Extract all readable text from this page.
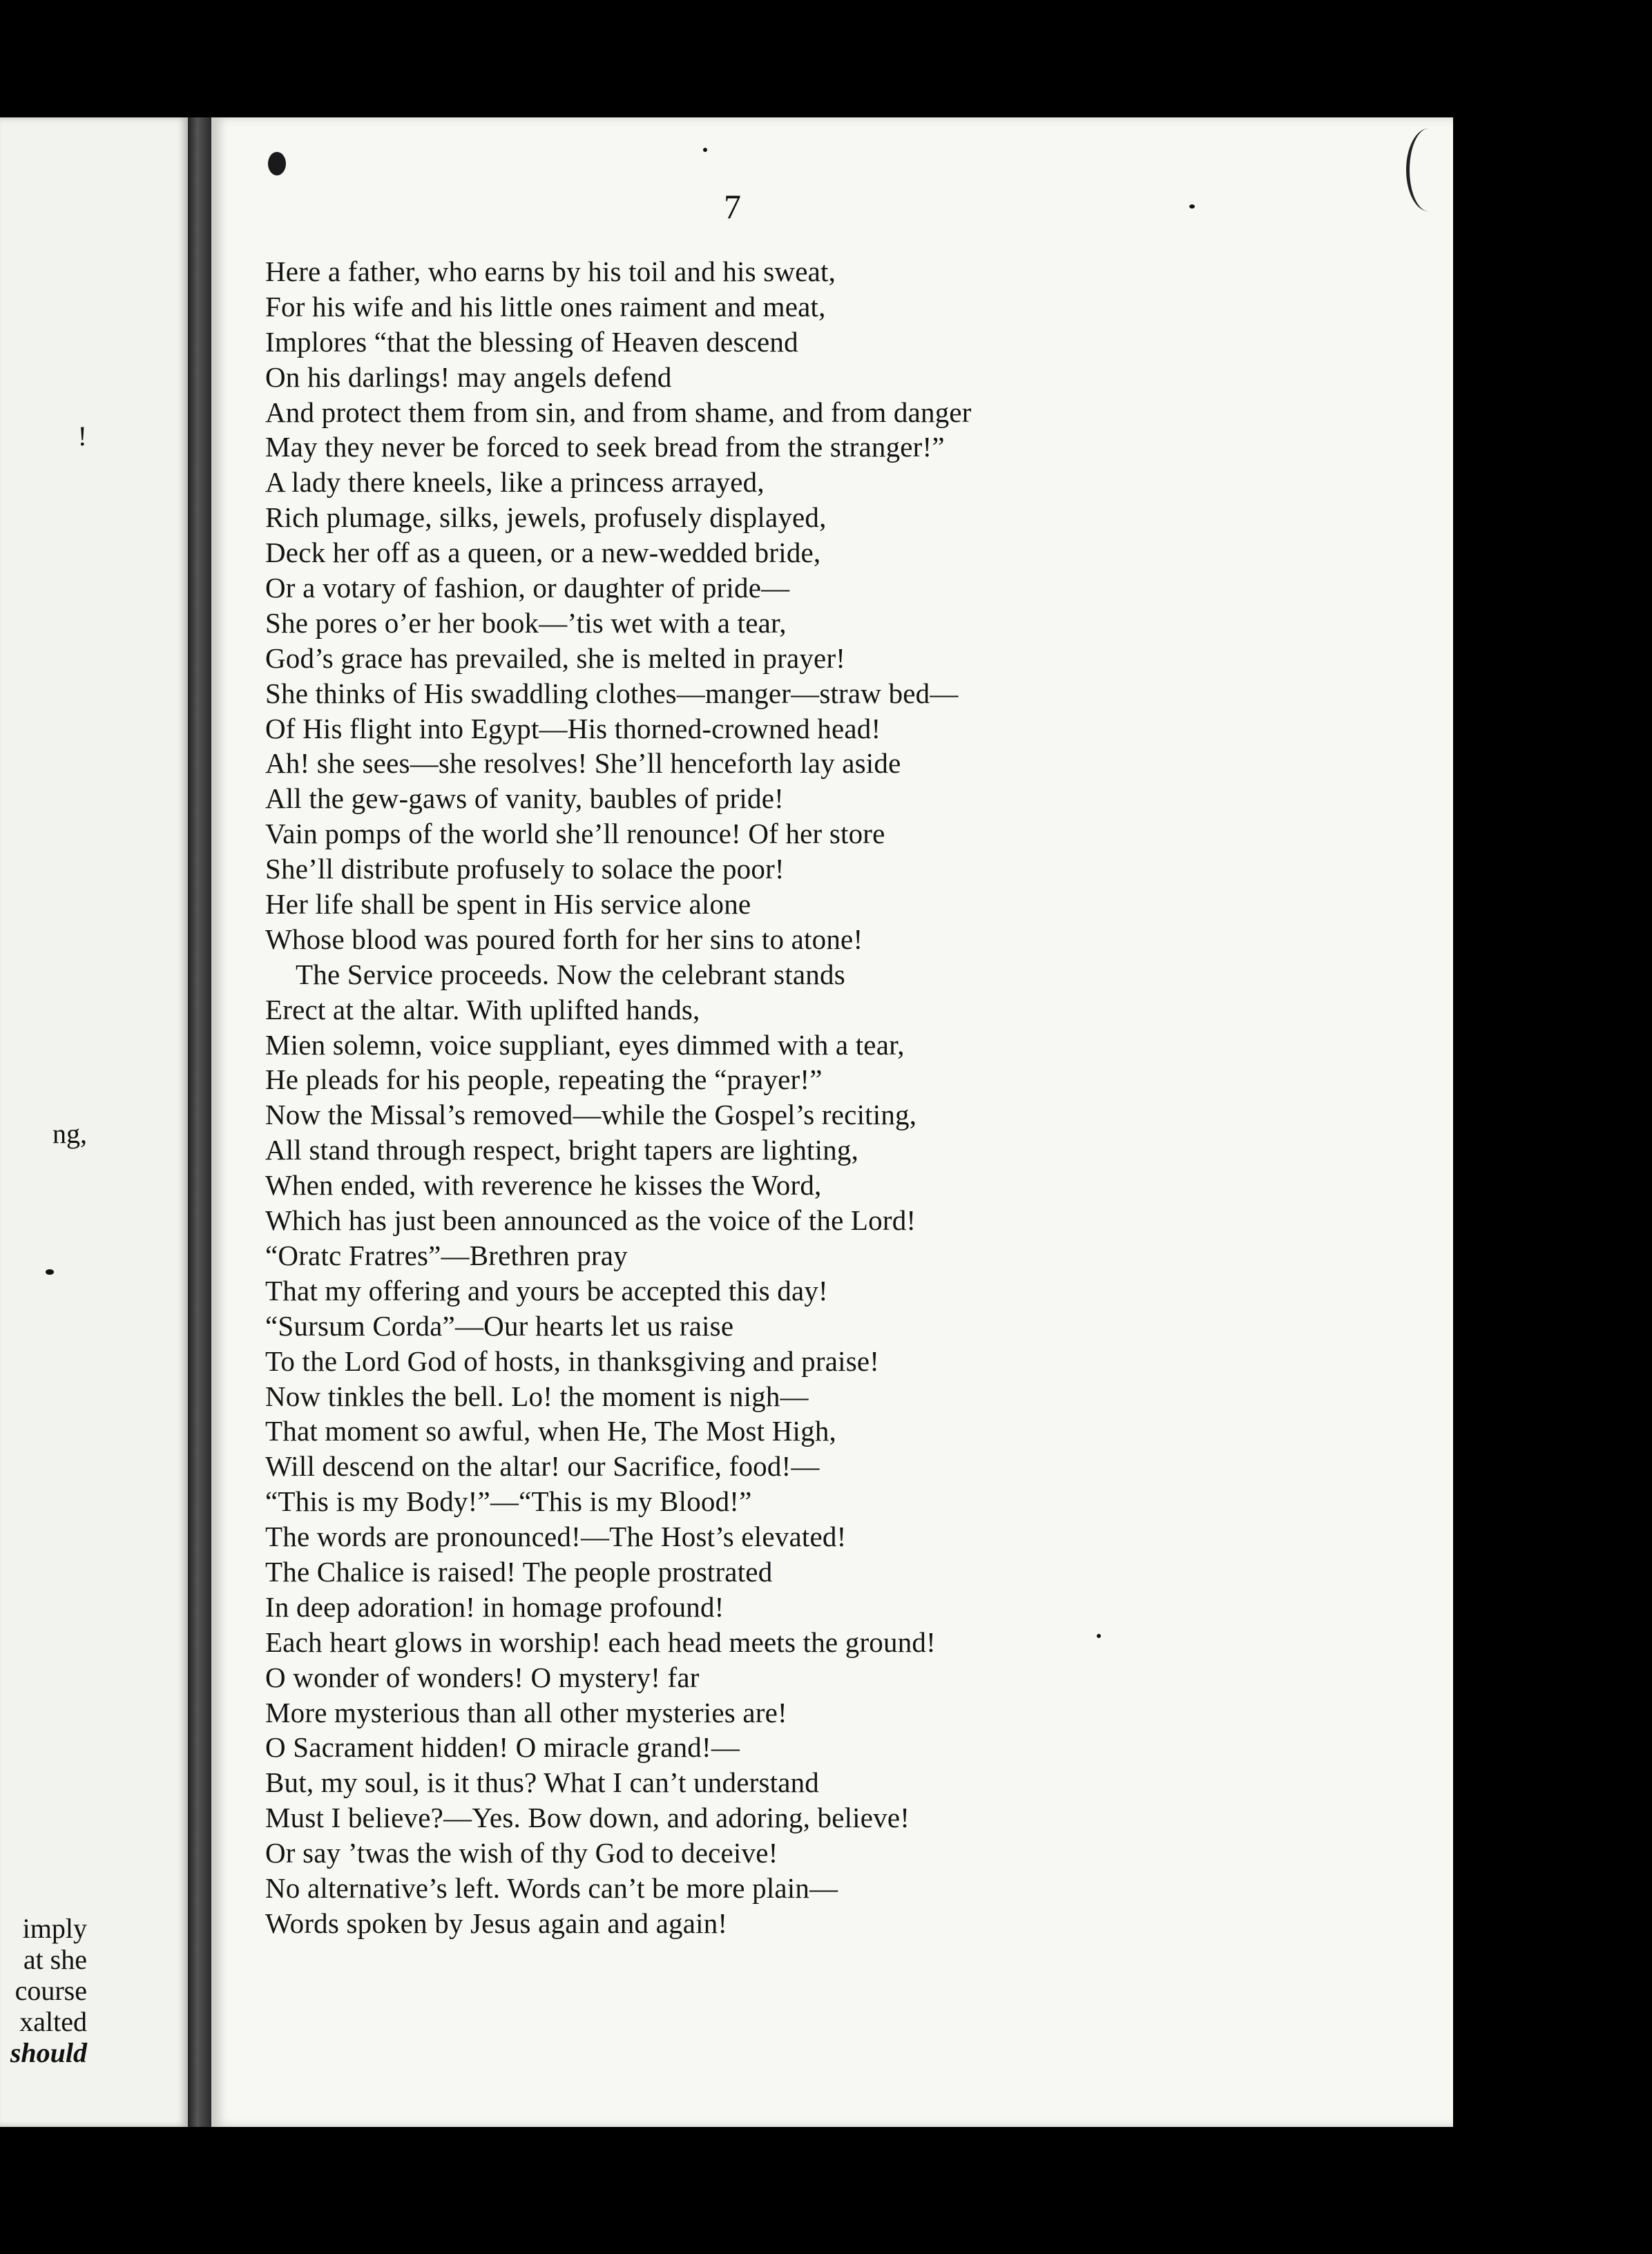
!
ng,
imply
at she
course
xalted
should
7
Here a father, who earns by his toil and his sweat,
For his wife and his little ones raiment and meat,
Implores “that the blessing of Heaven descend
On his darlings! may angels defend
And protect them from sin, and from shame, and from danger
May they never be forced to seek bread from the stranger!”
A lady there kneels, like a princess arrayed,
Rich plumage, silks, jewels, profusely displayed,
Deck her off as a queen, or a new-wedded bride,
Or a votary of fashion, or daughter of pride—
She pores o’er her book—’tis wet with a tear,
God’s grace has prevailed, she is melted in prayer!
She thinks of His swaddling clothes—manger—straw bed—
Of His flight into Egypt—His thorned-crowned head!
Ah! she sees—she resolves! She’ll henceforth lay aside
All the gew-gaws of vanity, baubles of pride!
Vain pomps of the world she’ll renounce! Of her store
She’ll distribute profusely to solace the poor!
Her life shall be spent in His service alone
Whose blood was poured forth for her sins to atone!
The Service proceeds. Now the celebrant stands
Erect at the altar. With uplifted hands,
Mien solemn, voice suppliant, eyes dimmed with a tear,
He pleads for his people, repeating the “prayer!”
Now the Missal’s removed—while the Gospel’s reciting,
All stand through respect, bright tapers are lighting,
When ended, with reverence he kisses the Word,
Which has just been announced as the voice of the Lord!
“Oratc Fratres”—Brethren pray
That my offering and yours be accepted this day!
“Sursum Corda”—Our hearts let us raise
To the Lord God of hosts, in thanksgiving and praise!
Now tinkles the bell. Lo! the moment is nigh—
That moment so awful, when He, The Most High,
Will descend on the altar! our Sacrifice, food!—
“This is my Body!”—“This is my Blood!”
The words are pronounced!—The Host’s elevated!
The Chalice is raised! The people prostrated
In deep adoration! in homage profound!
Each heart glows in worship! each head meets the ground!
O wonder of wonders! O mystery! far
More mysterious than all other mysteries are!
O Sacrament hidden! O miracle grand!—
But, my soul, is it thus? What I can’t understand
Must I believe?—Yes. Bow down, and adoring, believe!
Or say ’twas the wish of thy God to deceive!
No alternative’s left. Words can’t be more plain—
Words spoken by Jesus again and again!
